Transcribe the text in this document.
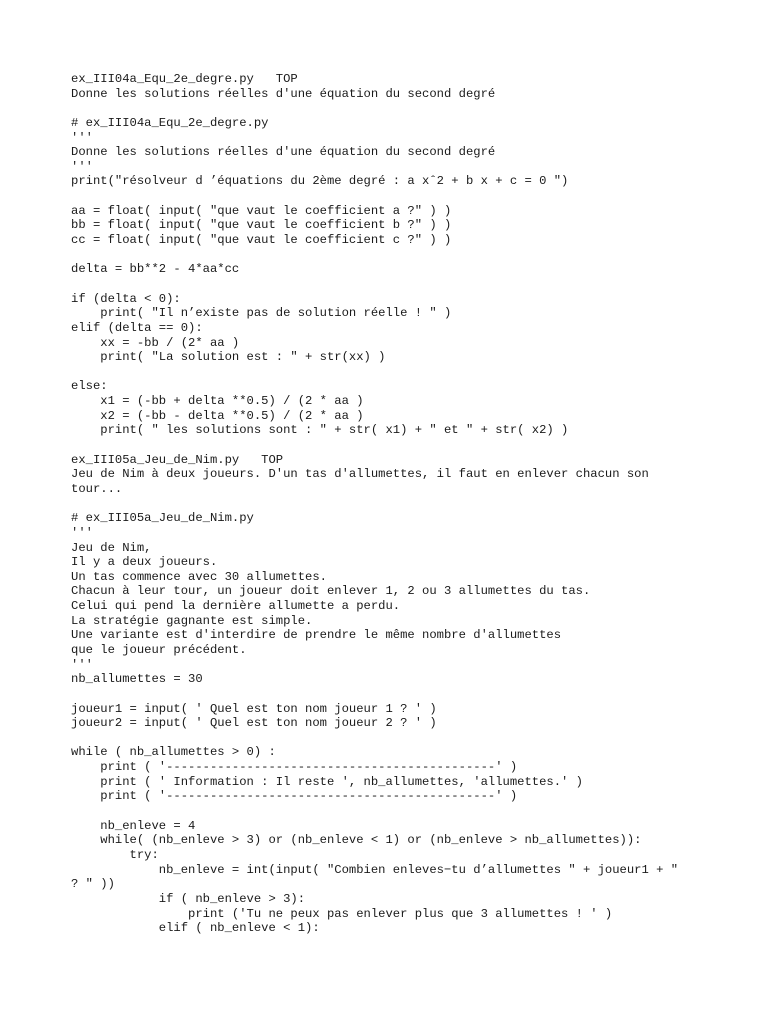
ex_III04a_Equ_2e_degre.py   TOP
Donne les solutions réelles d'une équation du second degré
# ex_III04a_Equ_2e_degre.py
'''
Donne les solutions réelles d'une équation du second degré
'''
print("résolveur d ’équations du 2ème degré : a xˆ2 + b x + c = 0 ")
aa = float( input( "que vaut le coefficient a ?" ) )
bb = float( input( "que vaut le coefficient b ?" ) )
cc = float( input( "que vaut le coefficient c ?" ) )
delta = bb**2 - 4*aa*cc
if (delta < 0):
print( "Il n’existe pas de solution réelle ! " )
elif (delta == 0):
xx = -bb / (2* aa )
print( "La solution est : " + str(xx) )
else:
x1 = (-bb + delta **0.5) / (2 * aa )
x2 = (-bb - delta **0.5) / (2 * aa )
print( " les solutions sont : " + str( x1) + " et " + str( x2) )
ex_III05a_Jeu_de_Nim.py   TOP
Jeu de Nim à deux joueurs. D'un tas d'allumettes, il faut en enlever chacun son
tour...
# ex_III05a_Jeu_de_Nim.py
'''
Jeu de Nim,
Il y a deux joueurs.
Un tas commence avec 30 allumettes.
Chacun à leur tour, un joueur doit enlever 1, 2 ou 3 allumettes du tas.
Celui qui pend la dernière allumette a perdu.
La stratégie gagnante est simple.
Une variante est d'interdire de prendre le même nombre d'allumettes
que le joueur précédent.
'''
nb_allumettes = 30
joueur1 = input( ' Quel est ton nom joueur 1 ? ' )
joueur2 = input( ' Quel est ton nom joueur 2 ? ' )
while ( nb_allumettes > 0) :
print ( '---------------------------------------------' )
print ( ' Information : Il reste ', nb_allumettes, 'allumettes.' )
print ( '---------------------------------------------' )
nb_enleve = 4
while( (nb_enleve > 3) or (nb_enleve < 1) or (nb_enleve > nb_allumettes)):
try:
nb_enleve = int(input( "Combien enleves−tu d’allumettes " + joueur1 + "
? " ))
if ( nb_enleve > 3):
print ('Tu ne peux pas enlever plus que 3 allumettes ! ' )
elif ( nb_enleve < 1):
